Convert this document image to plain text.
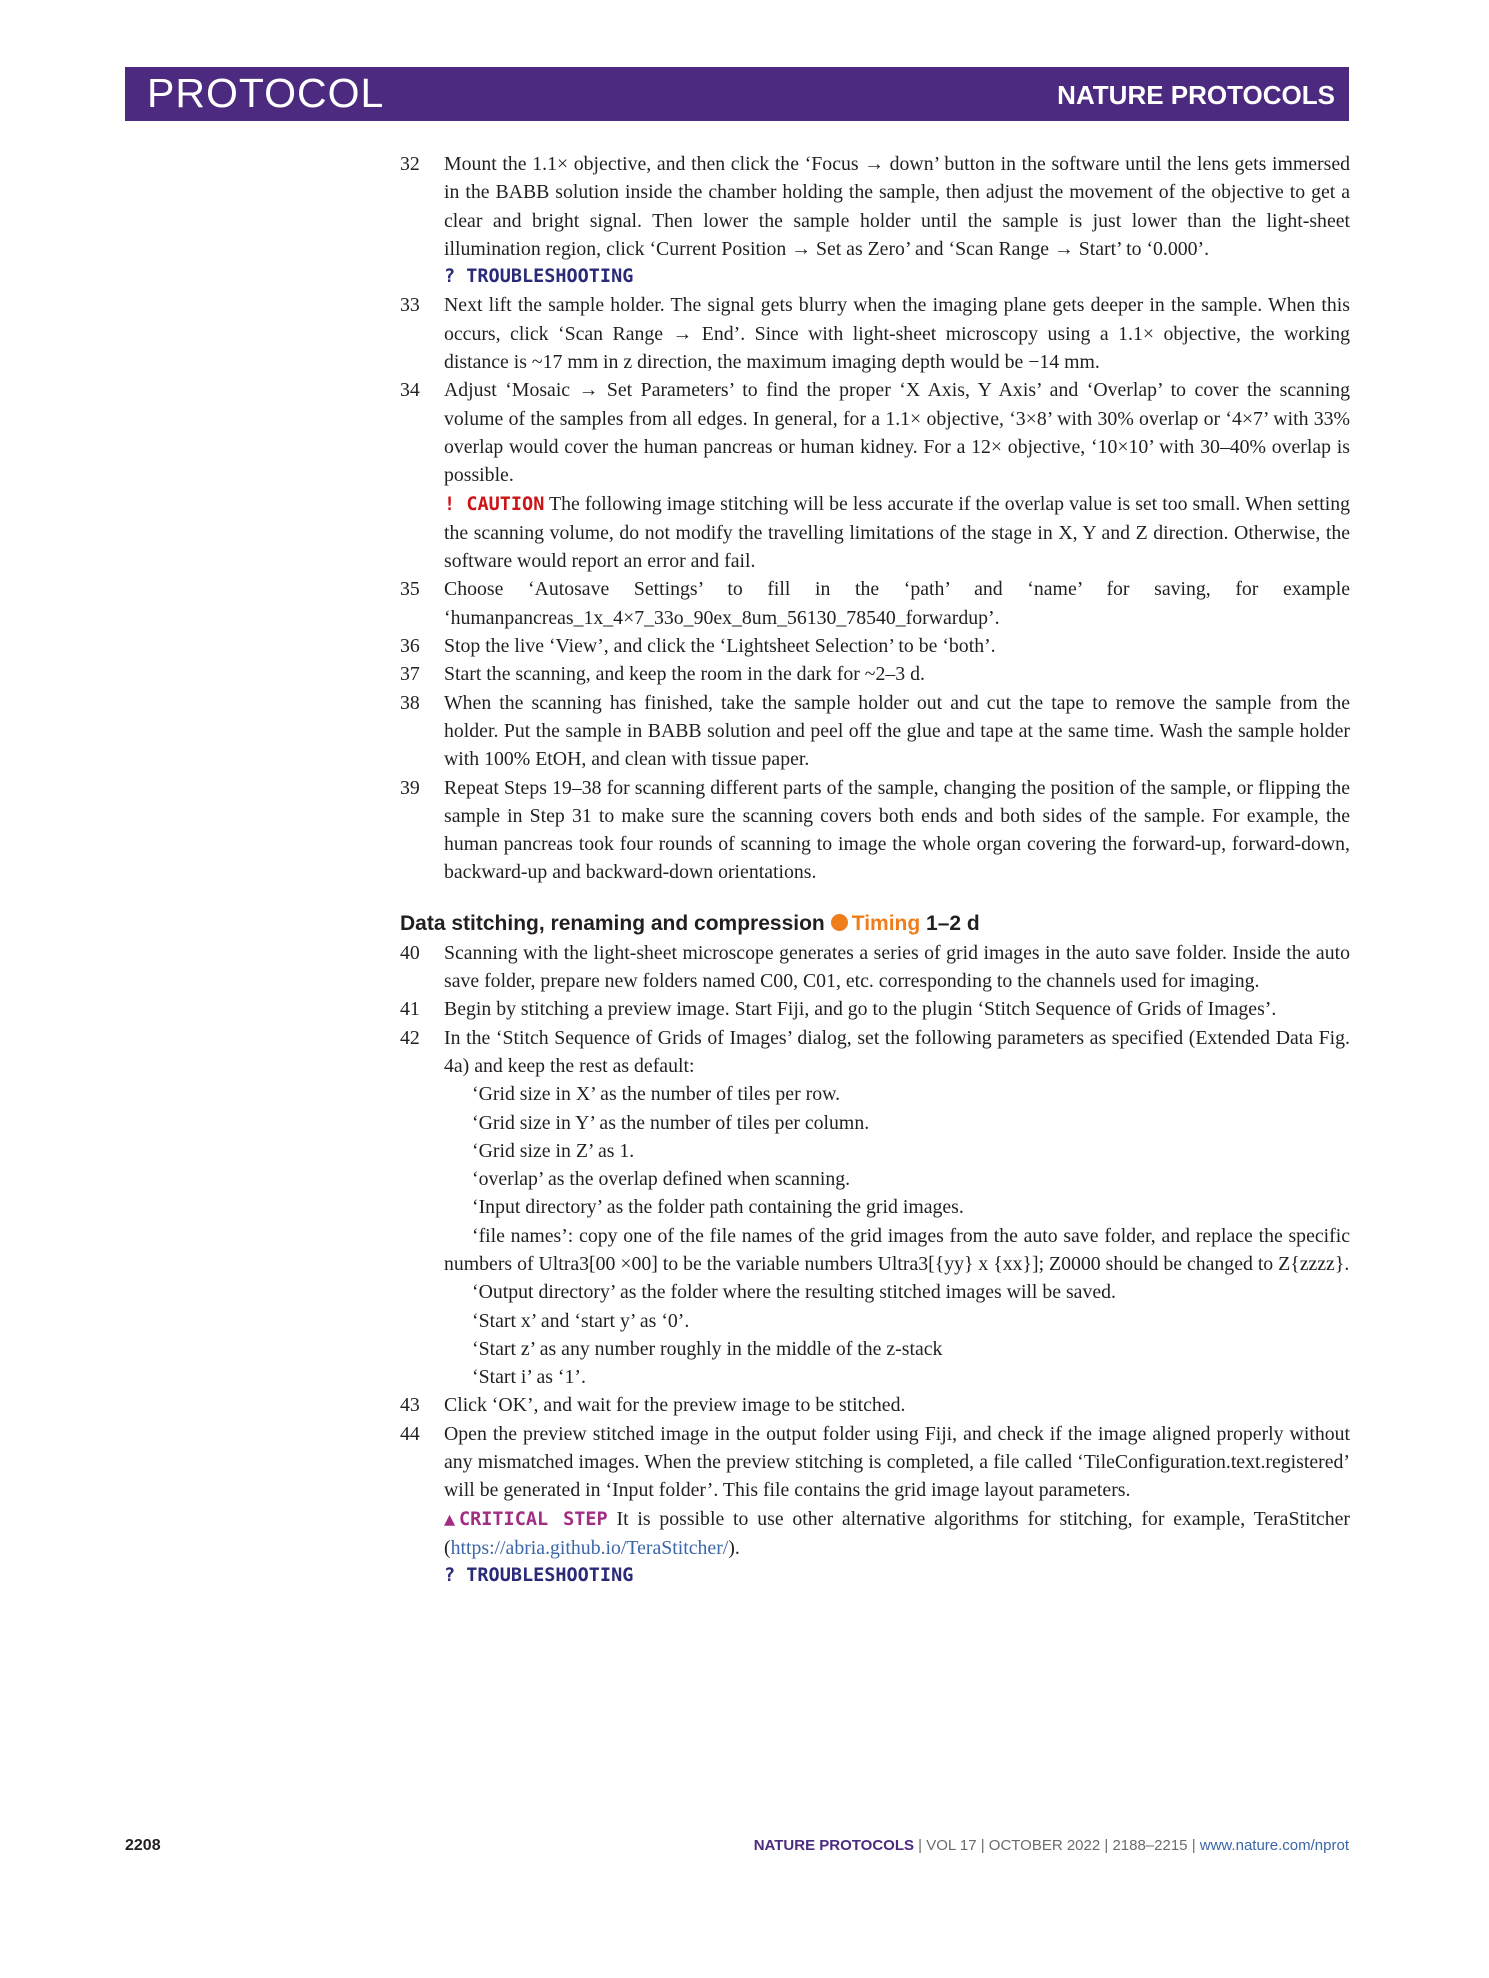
PROTOCOL	NATURE PROTOCOLS
32 Mount the 1.1× objective, and then click the ‘Focus → down’ button in the software until the lens gets immersed in the BABB solution inside the chamber holding the sample, then adjust the movement of the objective to get a clear and bright signal. Then lower the sample holder until the sample is just lower than the light-sheet illumination region, click ‘Current Position → Set as Zero’ and ‘Scan Range → Start’ to ‘0.000’.
? TROUBLESHOOTING
33 Next lift the sample holder. The signal gets blurry when the imaging plane gets deeper in the sample. When this occurs, click ‘Scan Range → End’. Since with light-sheet microscopy using a 1.1× objective, the working distance is ~17 mm in z direction, the maximum imaging depth would be −14 mm.
34 Adjust ‘Mosaic → Set Parameters’ to find the proper ‘X Axis, Y Axis’ and ‘Overlap’ to cover the scanning volume of the samples from all edges. In general, for a 1.1× objective, ‘3×8’ with 30% overlap or ‘4×7’ with 33% overlap would cover the human pancreas or human kidney. For a 12× objective, ‘10×10’ with 30–40% overlap is possible.
! CAUTION The following image stitching will be less accurate if the overlap value is set too small. When setting the scanning volume, do not modify the travelling limitations of the stage in X, Y and Z direction. Otherwise, the software would report an error and fail.
35 Choose ‘Autosave Settings’ to fill in the ‘path’ and ‘name’ for saving, for example ‘humanpancreas_1x_4×7_33o_90ex_8um_56130_78540_forwardup’.
36 Stop the live ‘View’, and click the ‘Lightsheet Selection’ to be ‘both’.
37 Start the scanning, and keep the room in the dark for ~2–3 d.
38 When the scanning has finished, take the sample holder out and cut the tape to remove the sample from the holder. Put the sample in BABB solution and peel off the glue and tape at the same time. Wash the sample holder with 100% EtOH, and clean with tissue paper.
39 Repeat Steps 19–38 for scanning different parts of the sample, changing the position of the sample, or flipping the sample in Step 31 to make sure the scanning covers both ends and both sides of the sample. For example, the human pancreas took four rounds of scanning to image the whole organ covering the forward-up, forward-down, backward-up and backward-down orientations.
Data stitching, renaming and compression Timing 1–2 d
40 Scanning with the light-sheet microscope generates a series of grid images in the auto save folder. Inside the auto save folder, prepare new folders named C00, C01, etc. corresponding to the channels used for imaging.
41 Begin by stitching a preview image. Start Fiji, and go to the plugin ‘Stitch Sequence of Grids of Images’.
42 In the ‘Stitch Sequence of Grids of Images’ dialog, set the following parameters as specified (Extended Data Fig. 4a) and keep the rest as default:
‘Grid size in X’ as the number of tiles per row.
‘Grid size in Y’ as the number of tiles per column.
‘Grid size in Z’ as 1.
‘overlap’ as the overlap defined when scanning.
‘Input directory’ as the folder path containing the grid images.
‘file names’: copy one of the file names of the grid images from the auto save folder, and replace the specific numbers of Ultra3[00 ×00] to be the variable numbers Ultra3[{yy} x {xx}]; Z0000 should be changed to Z{zzzz}.
‘Output directory’ as the folder where the resulting stitched images will be saved.
‘Start x’ and ‘start y’ as ‘0’.
‘Start z’ as any number roughly in the middle of the z-stack
‘Start i’ as ‘1’.
43 Click ‘OK’, and wait for the preview image to be stitched.
44 Open the preview stitched image in the output folder using Fiji, and check if the image aligned properly without any mismatched images. When the preview stitching is completed, a file called ‘TileConfiguration.text.registered’ will be generated in ‘Input folder’. This file contains the grid image layout parameters.
▲CRITICAL STEP It is possible to use other alternative algorithms for stitching, for example, TeraStitcher (https://abria.github.io/TeraStitcher/).
? TROUBLESHOOTING
2208	NATURE PROTOCOLS | VOL 17 | OCTOBER 2022 | 2188–2215 | www.nature.com/nprot
